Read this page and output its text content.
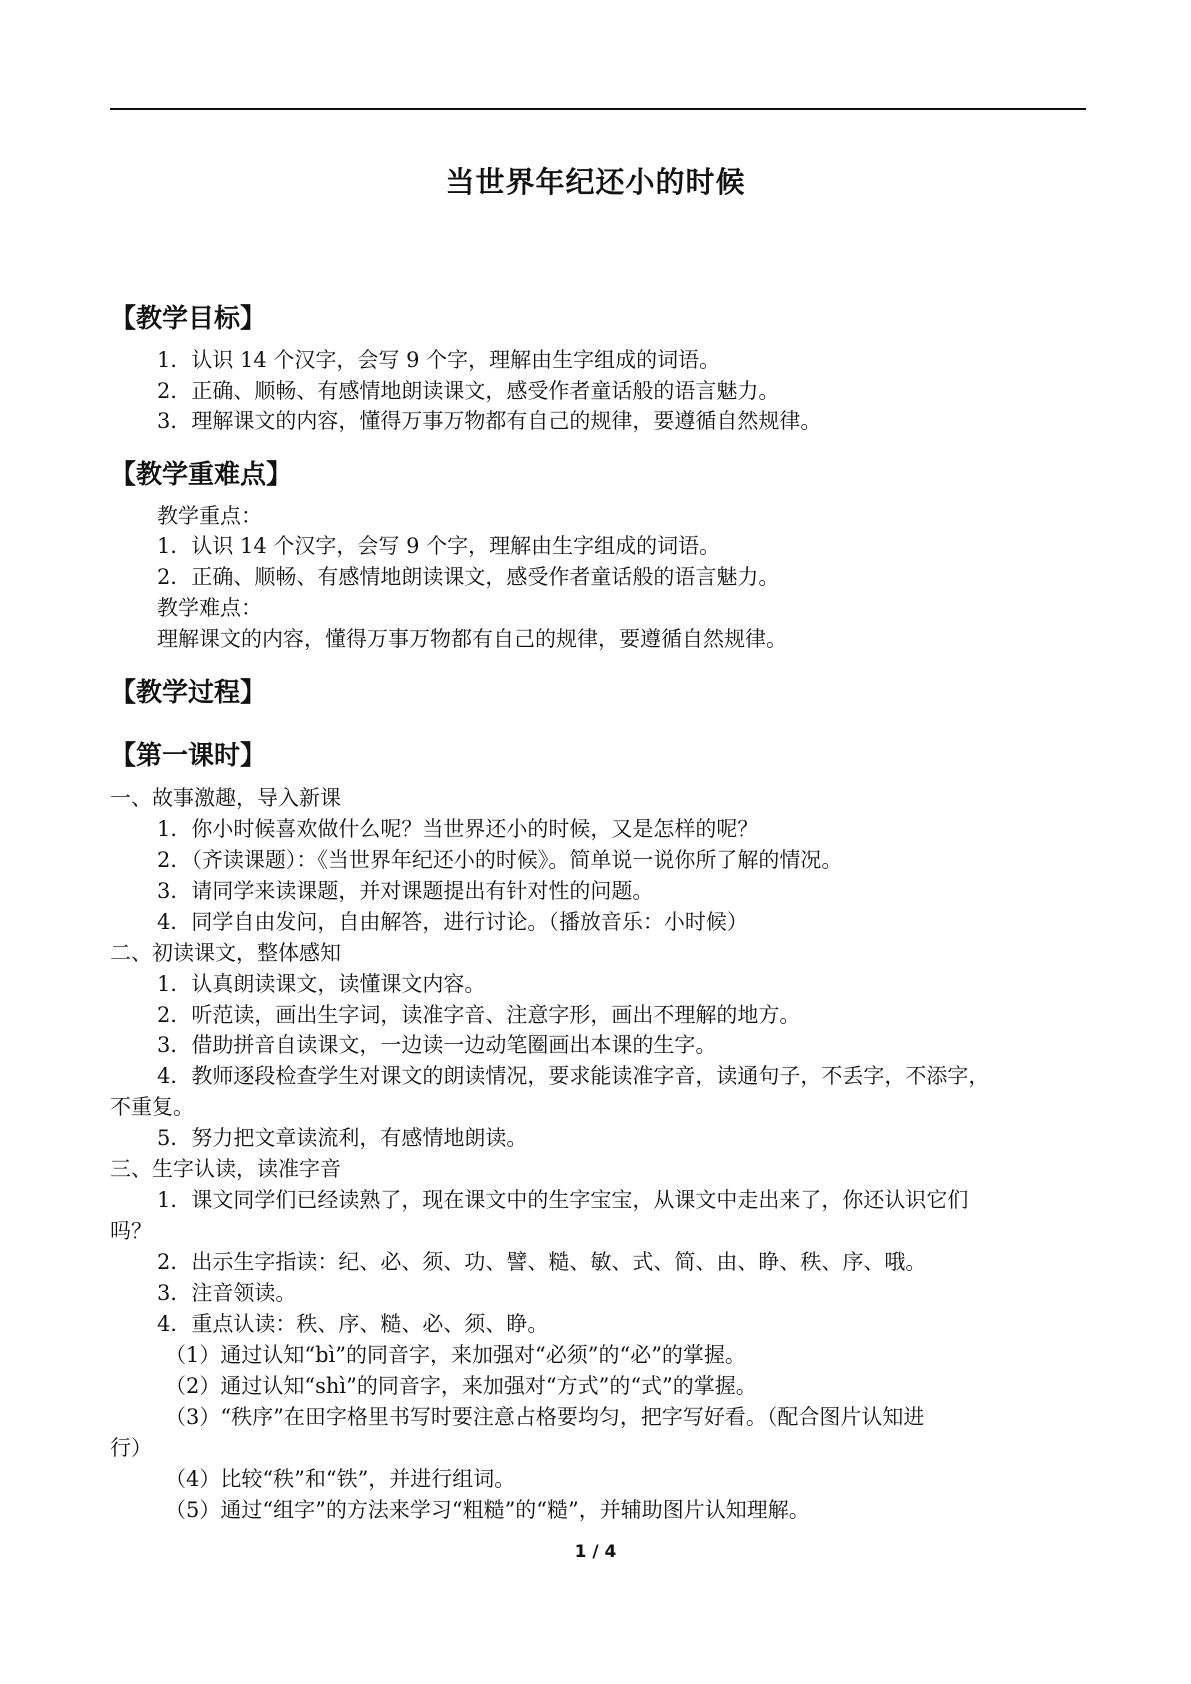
当世界年纪还小的时候
【教学目标】
1．认识 14 个汉字，会写 9 个字，理解由生字组成的词语。
2．正确、顺畅、有感情地朗读课文，感受作者童话般的语言魅力。
3．理解课文的内容，懂得万事万物都有自己的规律，要遵循自然规律。
【教学重难点】
教学重点：
1．认识 14 个汉字，会写 9 个字，理解由生字组成的词语。
2．正确、顺畅、有感情地朗读课文，感受作者童话般的语言魅力。
教学难点：
理解课文的内容，懂得万事万物都有自己的规律，要遵循自然规律。
【教学过程】
【第一课时】
一、故事激趣，导入新课
1．你小时候喜欢做什么呢？当世界还小的时候，又是怎样的呢？
2．（齐读课题）：《当世界年纪还小的时候》。简单说一说你所了解的情况。
3．请同学来读课题，并对课题提出有针对性的问题。
4．同学自由发问，自由解答，进行讨论。（播放音乐：小时候）
二、初读课文，整体感知
1．认真朗读课文，读懂课文内容。
2．听范读，画出生字词，读准字音、注意字形，画出不理解的地方。
3．借助拼音自读课文，一边读一边动笔圈画出本课的生字。
4．教师逐段检查学生对课文的朗读情况，要求能读准字音，读通句子，不丢字，不添字，
不重复。
5．努力把文章读流利，有感情地朗读。
三、生字认读，读准字音
1．课文同学们已经读熟了，现在课文中的生字宝宝，从课文中走出来了，你还认识它们
吗？
2．出示生字指读：纪、必、须、功、譬、糙、敏、式、简、由、睁、秩、序、哦。
3．注音领读。
4．重点认读：秩、序、糙、必、须、睁。
（1）通过认知“bì”的同音字，来加强对“必须”的“必”的掌握。
（2）通过认知“shì”的同音字，来加强对“方式”的“式”的掌握。
（3）“秩序”在田字格里书写时要注意占格要均匀，把字写好看。（配合图片认知进
行）
（4）比较“秩”和“铁”，并进行组词。
（5）通过“组字”的方法来学习“粗糙”的“糙”，并辅助图片认知理解。
1 / 4
